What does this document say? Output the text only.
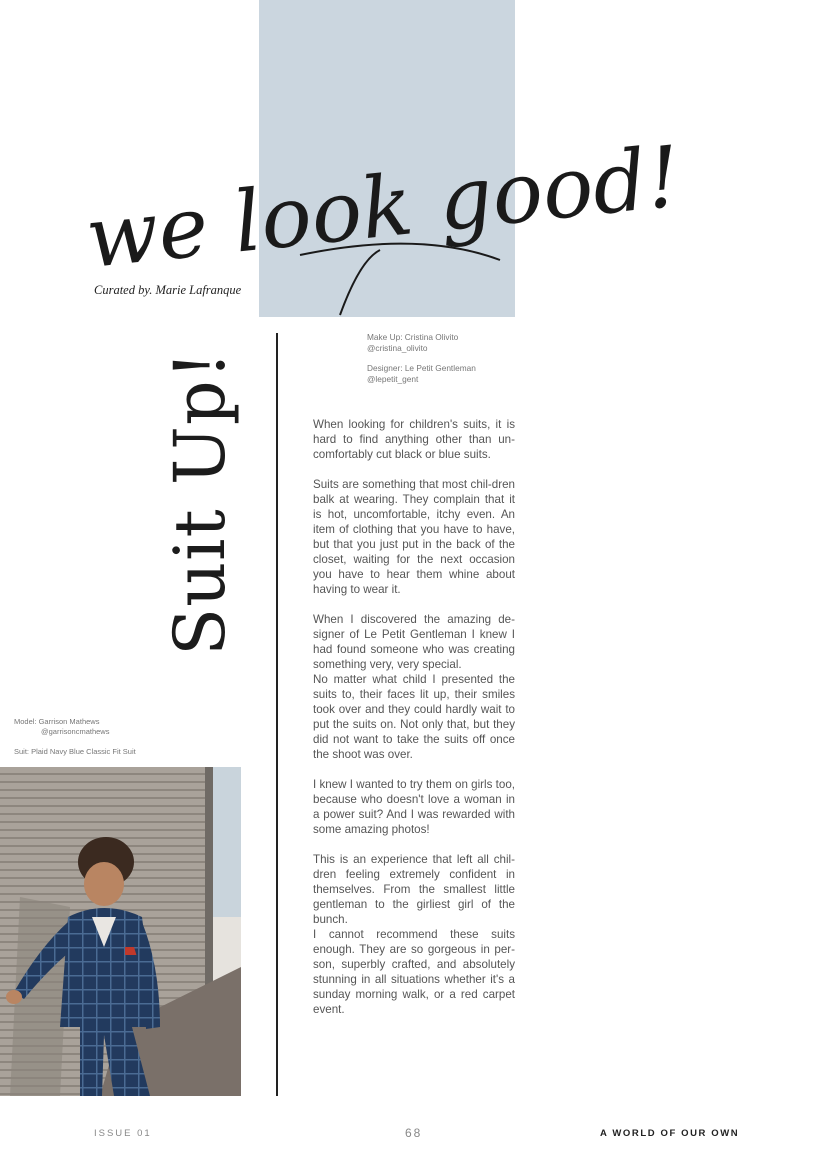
we look good!
Curated by. Marie Lafranque
Suit Up!

Make Up: Cristina Olivito
@cristina_olivito

Designer: Le Petit Gentleman
@lepetit_gent

When looking for children's suits, it is hard to find anything other than un-comfortably cut black or blue suits.

Suits are something that most chil-dren balk at wearing. They complain that it is hot, uncomfortable, itchy even. An item of clothing that you have to have, but that you just put in the back of the closet, waiting for the next occasion you have to hear them whine about having to wear it.

When I discovered the amazing de-signer of Le Petit Gentleman I knew I had found someone who was creating something very, very special.

No matter what child I presented the suits to, their faces lit up, their smiles took over and they could hardly wait to put the suits on. Not only that, but they did not want to take the suits off once the shoot was over.

I knew I wanted to try them on girls too, because who doesn't love a woman in a power suit? And I was rewarded with some amazing photos!

This is an experience that left all chil-dren feeling extremely confident in themselves. From the smallest little gentleman to the girliest girl of the bunch.

I cannot recommend these suits enough. They are so gorgeous in per-son, superbly crafted, and absolutely stunning in all situations whether it's a sunday morning walk, or a red carpet event.

Model: Garrison Mathews
@garrisoncmathews
Suit: Plaid Navy Blue Classic Fit Suit
ISSUE 01	68	A WORLD OF OUR OWN
